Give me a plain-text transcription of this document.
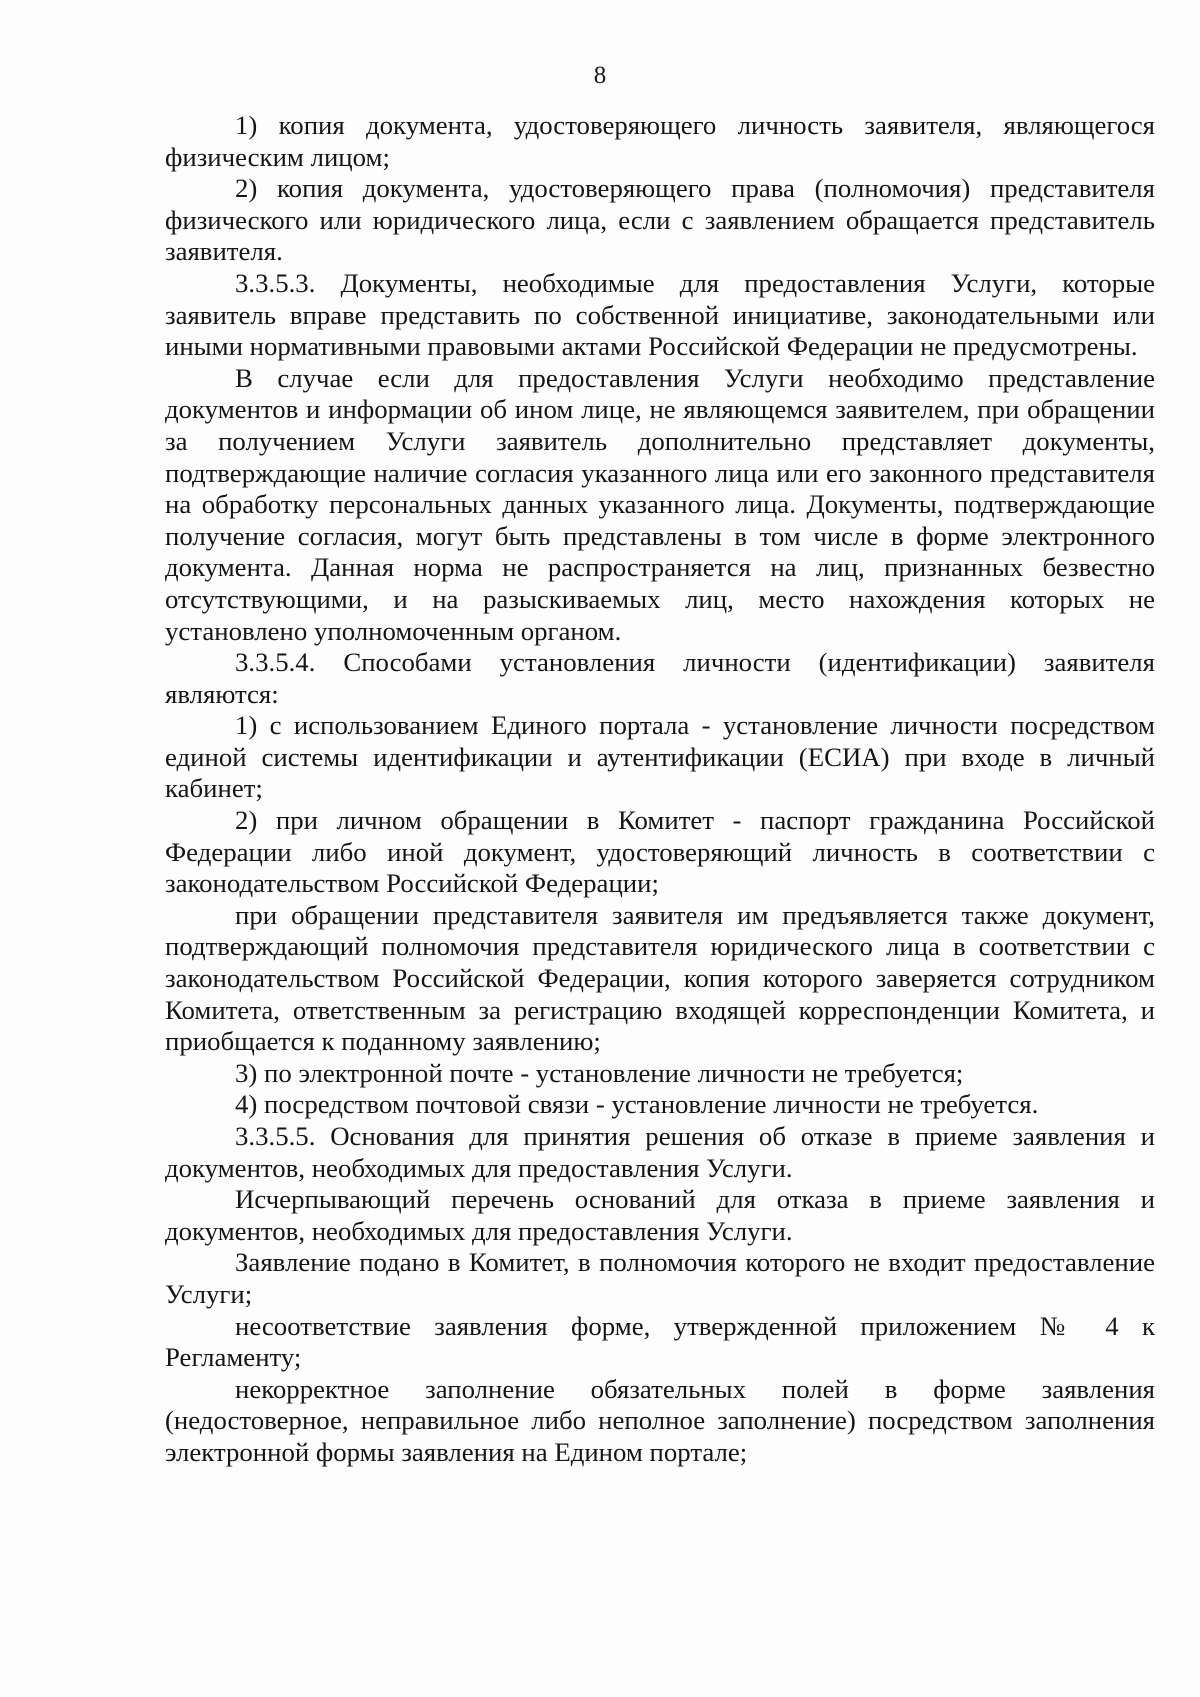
8

1) копия документа, удостоверяющего личность заявителя, являющегося физическим лицом;

2) копия документа, удостоверяющего права (полномочия) представителя физического или юридического лица, если с заявлением обращается представитель заявителя.

3.3.5.3. Документы, необходимые для предоставления Услуги, которые заявитель вправе представить по собственной инициативе, законодательными или иными нормативными правовыми актами Российской Федерации не предусмотрены.

В случае если для предоставления Услуги необходимо представление документов и информации об ином лице, не являющемся заявителем, при обращении за получением Услуги заявитель дополнительно представляет документы, подтверждающие наличие согласия указанного лица или его законного представителя на обработку персональных данных указанного лица. Документы, подтверждающие получение согласия, могут быть представлены в том числе в форме электронного документа. Данная норма не распространяется на лиц, признанных безвестно отсутствующими, и на разыскиваемых лиц, место нахождения которых не установлено уполномоченным органом.

3.3.5.4. Способами установления личности (идентификации) заявителя являются:

1) с использованием Единого портала - установление личности посредством единой системы идентификации и аутентификации (ЕСИА) при входе в личный кабинет;

2) при личном обращении в Комитет - паспорт гражданина Российской Федерации либо иной документ, удостоверяющий личность в соответствии с законодательством Российской Федерации;

при обращении представителя заявителя им предъявляется также документ, подтверждающий полномочия представителя юридического лица в соответствии с законодательством Российской Федерации, копия которого заверяется сотрудником Комитета, ответственным за регистрацию входящей корреспонденции Комитета, и приобщается к поданному заявлению;

3) по электронной почте - установление личности не требуется;

4) посредством почтовой связи - установление личности не требуется.

3.3.5.5. Основания для принятия решения об отказе в приеме заявления и документов, необходимых для предоставления Услуги.

Исчерпывающий перечень оснований для отказа в приеме заявления и документов, необходимых для предоставления Услуги.

Заявление подано в Комитет, в полномочия которого не входит предоставление Услуги;

несоответствие заявления форме, утвержденной приложением № 4 к Регламенту;

некорректное заполнение обязательных полей в форме заявления (недостоверное, неправильное либо неполное заполнение) посредством заполнения электронной формы заявления на Едином портале;
